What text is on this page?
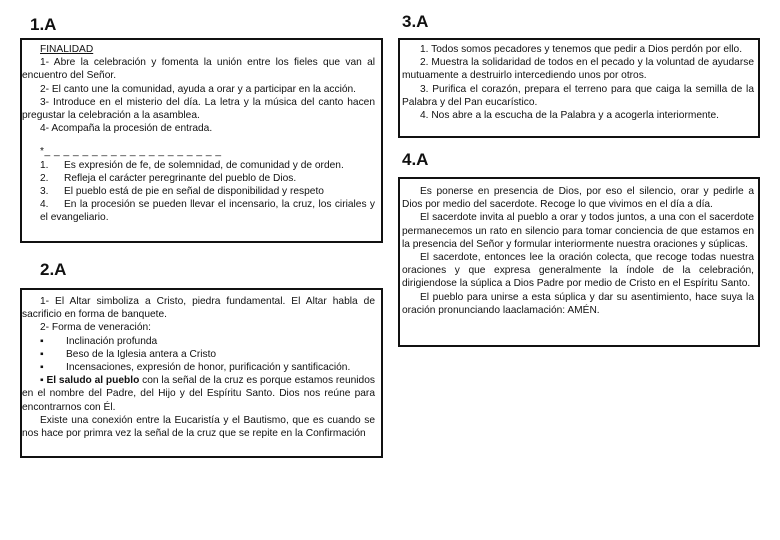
1.A

FINALIDAD

1- Abre la celebración y fomenta la unión entre los fieles que van al encuentro del Señor.

2- El canto une la comunidad, ayuda a orar y a participar en la acción.

3- Introduce en el misterio del día. La letra y la música del canto hacen pregustar la celebración a la asamblea.

4- Acompaña la procesión de entrada.

*_ _ _ _ _ _ _ _ _ _ _ _ _ _ _ _ _ _ _

1.	Es expresión de fe, de solemnidad, de comunidad y de orden.
2.	Refleja el carácter peregrinante del pueblo de Dios.
3.	El pueblo está de pie en señal de disponibilidad y respeto

4. En la procesión se pueden llevar el incensario, la cruz, los ciriales y el evangeliario.

2.A

1- El Altar simboliza a Cristo, piedra fundamental. El Altar habla de sacrificio en forma de banquete.

2- Forma de veneración:

▪	Inclinación profunda
▪	Beso de la Iglesia antera a Cristo
▪	Incensaciones, expresión de honor, purificación y santificación.

▪ El saludo al pueblo con la señal de la cruz es porque estamos reunidos en el nombre del Padre, del Hijo y del Espíritu Santo. Dios nos reúne para encontrarnos con Él.

Existe una conexión entre la Eucaristía y el Bautismo, que es cuando se nos hace por primra vez la señal de la cruz que se repite en la Confirmación

3.A

1. Todos somos pecadores y tenemos que pedir a Dios perdón por ello.

2. Muestra la solidaridad de todos en el pecado y la voluntad de ayudarse mutuamente a destruirlo intercediendo unos por otros.

3. Purifica el corazón, prepara el terreno para que caiga la semilla de la Palabra y del Pan eucarístico.

4. Nos abre a la escucha de la Palabra y a acogerla interiormente.

4.A

Es ponerse en presencia de Dios, por eso el silencio, orar y pedirle a Dios por medio del sacerdote. Recoge lo que vivimos en el día a día.

El sacerdote invita al pueblo a orar y todos juntos, a una con el sacerdote permanecemos un rato en silencio para tomar conciencia de que estamos en la presencia del Señor y formular interiormente nuestra oraciones y súplicas.

El sacerdote, entonces lee la oración colecta, que recoge todas nuestra oraciones y que expresa generalmente la índole de la celebración, dirigiendose la súplica a Dios Padre por medio de Cristo en el Espíritu Santo.

El pueblo para unirse a esta súplica y dar su asentimiento, hace suya la oración pronunciando laaclamación: AMÉN.
